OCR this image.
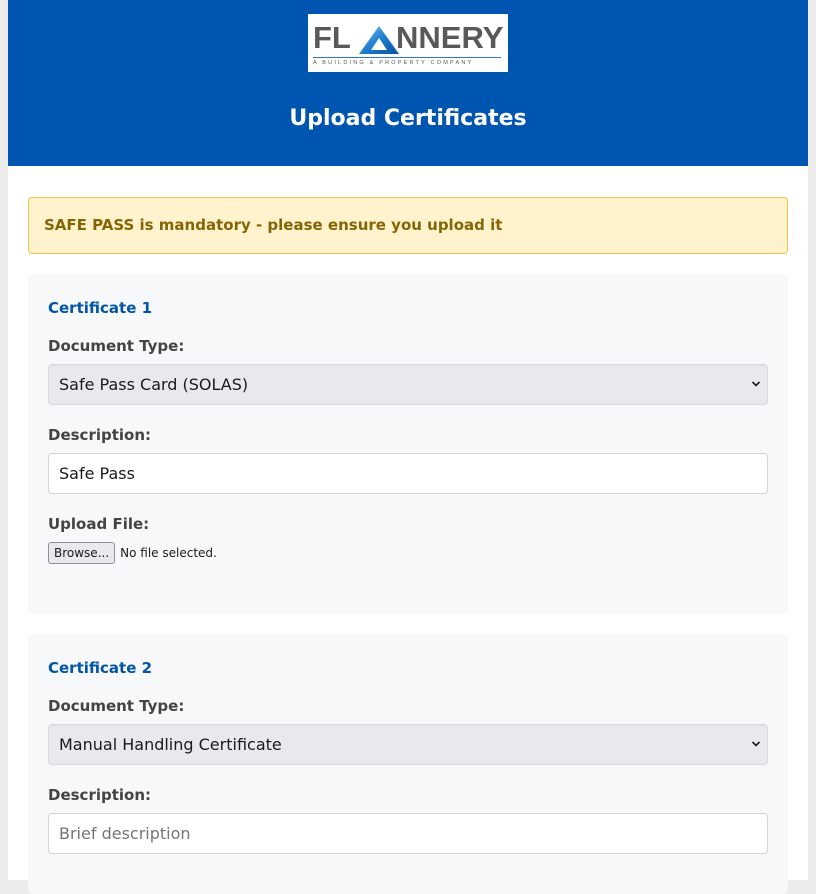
FL NNERY
A BUILDING & PROPERTY COMPANY
Upload Certificates
SAFE PASS is mandatory - please ensure you upload it
Certificate 1
Document Type:
Safe Pass Card (SOLAS)
Description:
Safe Pass
Upload File:
Browse... No file selected.
Certificate 2
Document Type:
Manual Handling Certificate
Description:
Brief description
